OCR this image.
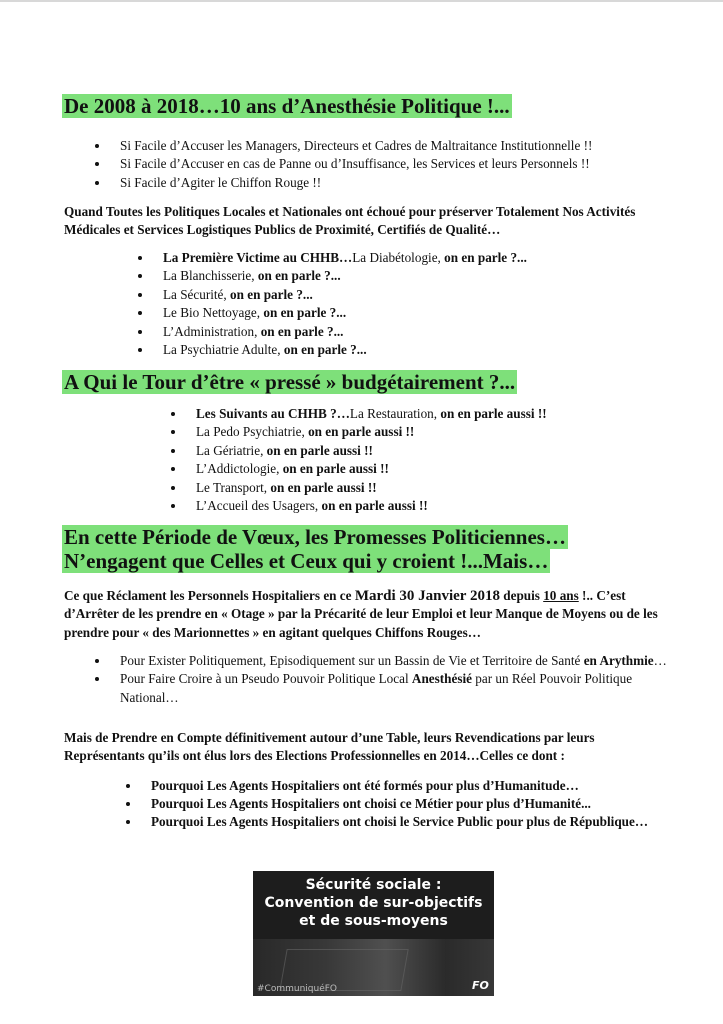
De 2008 à 2018…10 ans d’Anesthésie Politique !...
• Si Facile d’Accuser les Managers, Directeurs et Cadres de Maltraitance Institutionnelle !!
• Si Facile d’Accuser en cas de Panne ou d’Insuffisance, les Services et leurs Personnels !!
• Si Facile d’Agiter le Chiffon Rouge !!
Quand Toutes les Politiques Locales et Nationales ont échoué pour préserver Totalement Nos Activités Médicales et Services Logistiques Publics de Proximité, Certifiés de Qualité…
• La Première Victime au CHHB…La Diabétologie, on en parle ?...
• La Blanchisserie, on en parle ?...
• La Sécurité, on en parle ?...
• Le Bio Nettoyage, on en parle ?...
• L’Administration, on en parle ?...
• La Psychiatrie Adulte, on en parle ?...
A Qui le Tour d’être « pressé » budgétairement ?...
• Les Suivants au CHHB ?…La Restauration, on en parle aussi !!
• La Pedo Psychiatrie, on en parle aussi !!
• La Gériatrie, on en parle aussi !!
• L’Addictologie, on en parle aussi !!
• Le Transport, on en parle aussi !!
• L’Accueil des Usagers, on en parle aussi !!
En cette Période de Vœux, les Promesses Politiciennes…
N’engagent que Celles et Ceux qui y croient !...Mais…
Ce que Réclament les Personnels Hospitaliers en ce Mardi 30 Janvier 2018 depuis 10 ans !.. C’est d’Arrêter de les prendre en « Otage » par la Précarité de leur Emploi et leur Manque de Moyens ou de les prendre pour « des Marionnettes » en agitant quelques Chiffons Rouges…
• Pour Exister Politiquement, Episodiquement sur un Bassin de Vie et Territoire de Santé en Arythmie…
• Pour Faire Croire à un Pseudo Pouvoir Politique Local Anesthésié par un Réel Pouvoir Politique National…
Mais de Prendre en Compte définitivement autour d’une Table, leurs Revendications par leurs Représentants qu’ils ont élus lors des Elections Professionnelles en 2014…Celles ce dont :
• Pourquoi Les Agents Hospitaliers ont été formés pour plus d’Humanitude…
• Pourquoi Les Agents Hospitaliers ont choisi ce Métier pour plus d’Humanité...
• Pourquoi Les Agents Hospitaliers ont choisi le Service Public pour plus de République…
Sécurité sociale :
Convention de sur-objectifs
et de sous-moyens
#CommuniquéFO	FO
